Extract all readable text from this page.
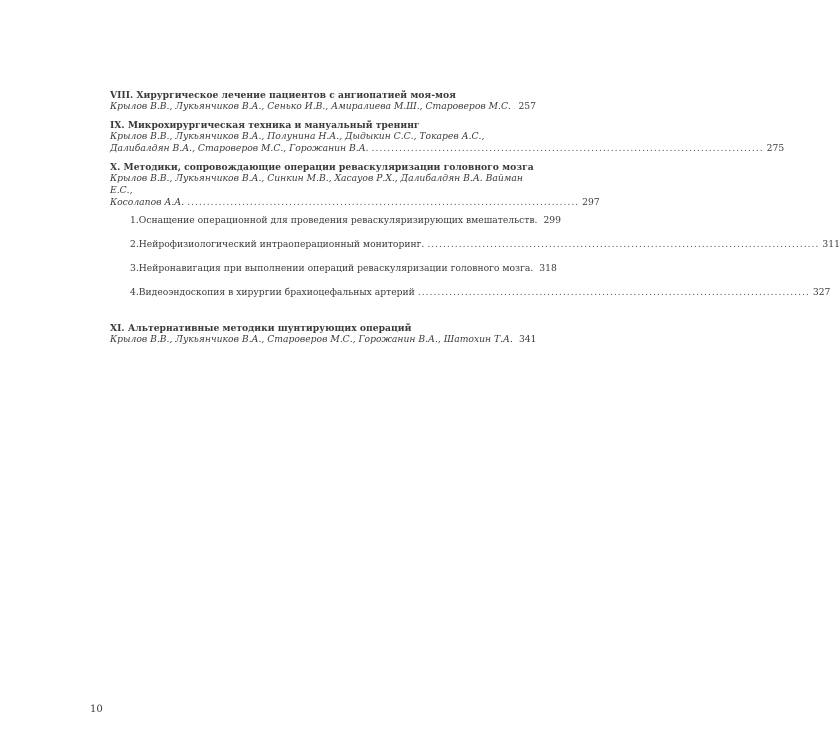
VIII. Хирургическое лечение пациентов с ангиопатией моя-моя
Крылов В.В., Лукьянчиков В.А., Сенько И.В., Амиралиева М.Ш., Староверов М.С. 257
IX. Микрохирургическая техника и мануальный тренинг
Крылов В.В., Лукьянчиков В.А., Полунина Н.А., Дыдыкин С.С., Токарев А.С.,
Далибалдян В.А., Староверов М.С., Горожанин В.А. .................................................................................................... 275
X. Методики, сопровождающие операции реваскуляризации головного мозга
Крылов В.В., Лукьянчиков В.А., Синкин М.В., Хасауов Р.Х., Далибалдян В.А. Вайман Е.С.,
Косолапов А.А. .................................................................................................... 297
1. Оснащение операционной для проведения реваскуляризирующих вмешательств. 299
2. Нейрофизиологический интраоперационный мониторинг. .................................................................................................... 311
3. Нейронавигация при выполнении операций реваскуляризации головного мозга. 318
4. Видеоэндоскопия в хирургии брахиоцефальных артерий .................................................................................................... 327
XI. Альтернативные методики шунтирующих операций
Крылов В.В., Лукьянчиков В.А., Староверов М.С., Горожанин В.А., Шатохин Т.А. 341
10
